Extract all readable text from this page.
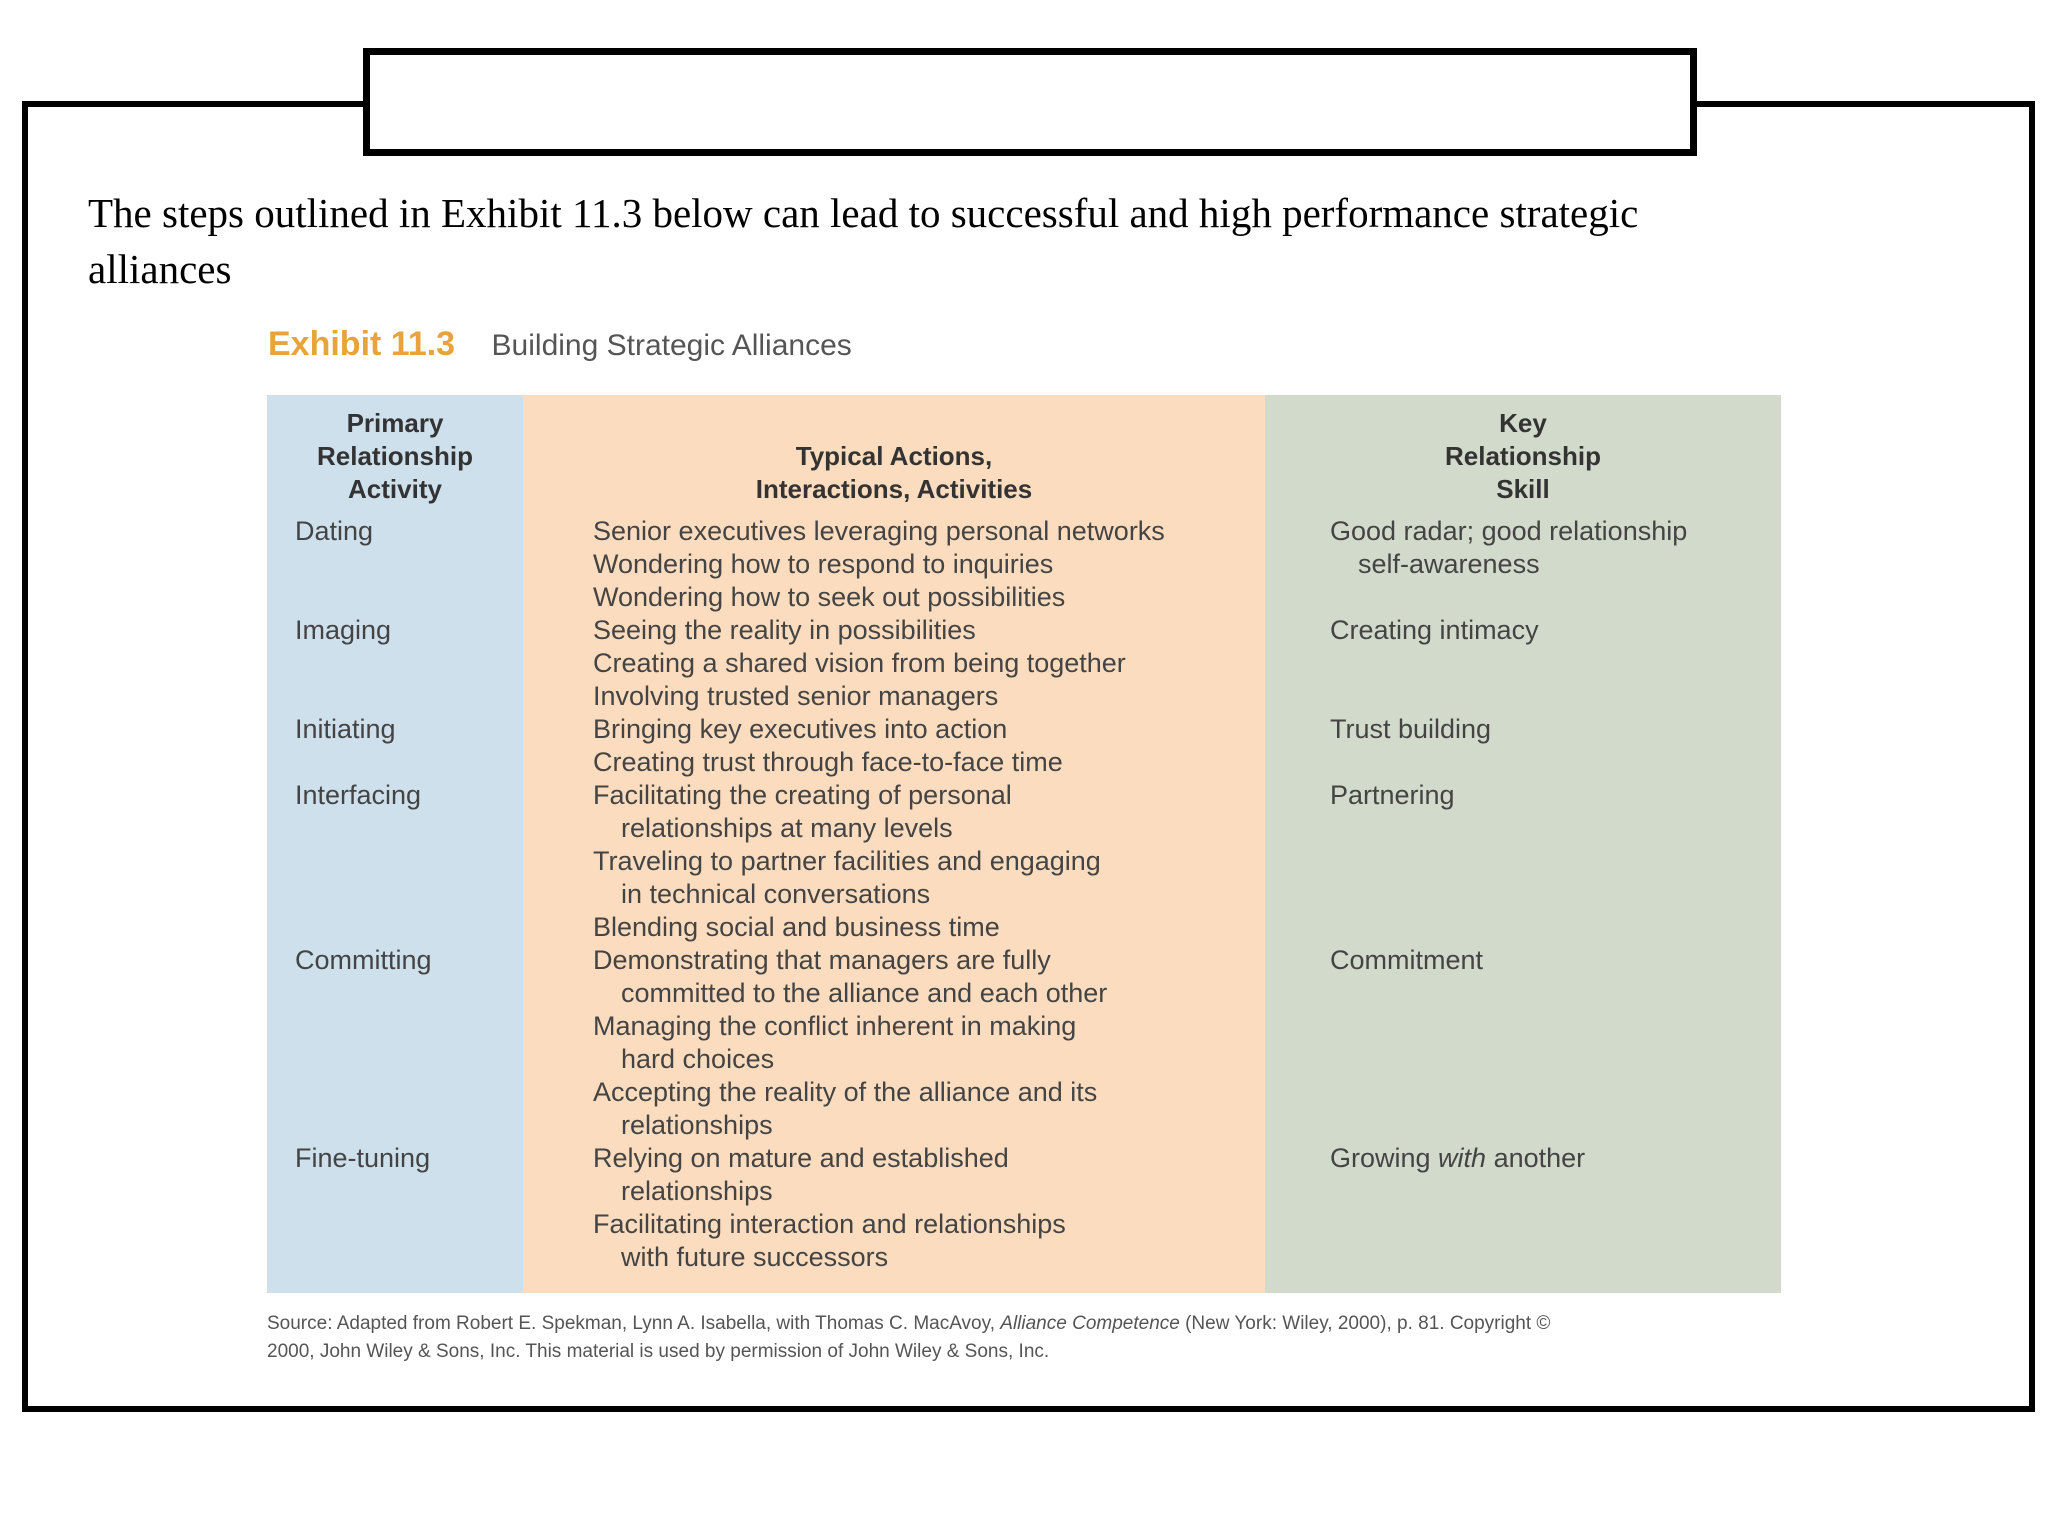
The steps outlined in Exhibit 11.3 below can lead to successful and high performance strategic
alliances
Exhibit 11.3 Building Strategic Alliances
Primary
Relationship
Activity
Typical Actions,
Interactions, Activities
Key
Relationship
Skill
Dating
Imaging
Initiating
Interfacing
Committing
Fine-tuning
Senior executives leveraging personal networks
Wondering how to respond to inquiries
Wondering how to seek out possibilities
Seeing the reality in possibilities
Creating a shared vision from being together
Involving trusted senior managers
Bringing key executives into action
Creating trust through face-to-face time
Facilitating the creating of personal
relationships at many levels
Traveling to partner facilities and engaging
in technical conversations
Blending social and business time
Demonstrating that managers are fully
committed to the alliance and each other
Managing the conflict inherent in making
hard choices
Accepting the reality of the alliance and its
relationships
Relying on mature and established
relationships
Facilitating interaction and relationships
with future successors
Good radar; good relationship
self-awareness
Creating intimacy
Trust building
Partnering
Commitment
Growing with another
Source: Adapted from Robert E. Spekman, Lynn A. Isabella, with Thomas C. MacAvoy, Alliance Competence (New York: Wiley, 2000), p. 81. Copyright ©
2000, John Wiley & Sons, Inc. This material is used by permission of John Wiley & Sons, Inc.
